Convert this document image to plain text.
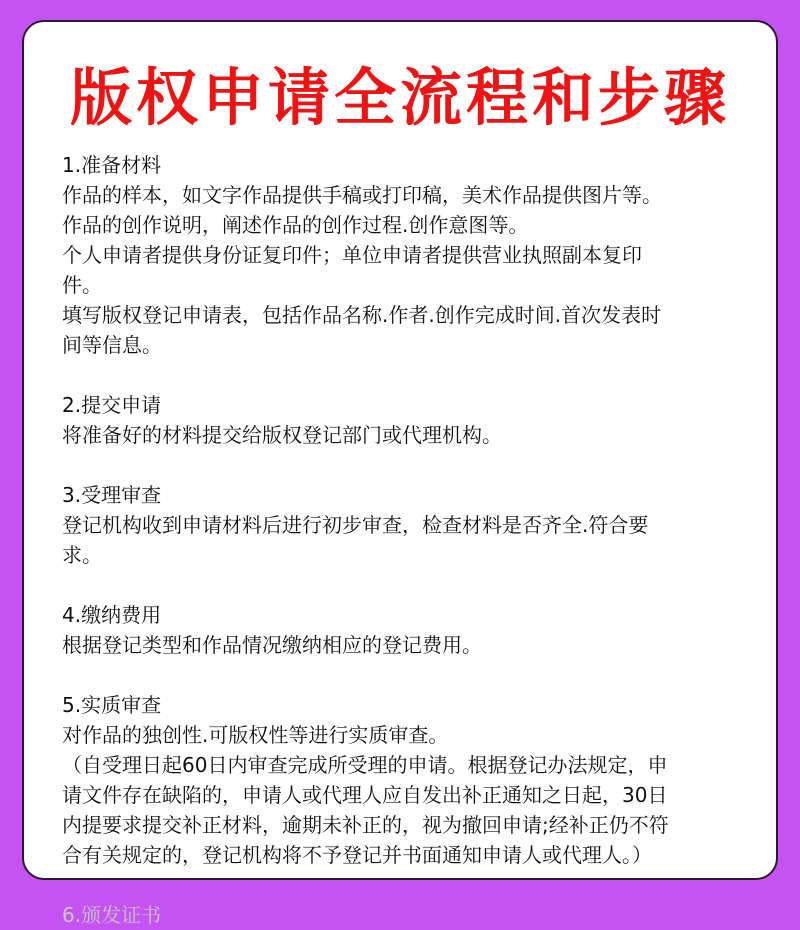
版权申请全流程和步骤
1.准备材料
作品的样本，如文字作品提供手稿或打印稿，美术作品提供图片等。
作品的创作说明，阐述作品的创作过程.创作意图等。
个人申请者提供身份证复印件；单位申请者提供营业执照副本复印
件。
填写版权登记申请表，包括作品名称.作者.创作完成时间.首次发表时
间等信息。
2.提交申请
将准备好的材料提交给版权登记部门或代理机构。
3.受理审查
登记机构收到申请材料后进行初步审查，检查材料是否齐全.符合要
求。
4.缴纳费用
根据登记类型和作品情况缴纳相应的登记费用。
5.实质审查
对作品的独创性.可版权性等进行实质审查。
（自受理日起60日内审查完成所受理的申请。根据登记办法规定，申
请文件存在缺陷的，申请人或代理人应自发出补正通知之日起，30日
内提要求提交补正材料，逾期未补正的，视为撤回申请;经补正仍不符
合有关规定的，登记机构将不予登记并书面通知申请人或代理人。）
6.颁发证书
